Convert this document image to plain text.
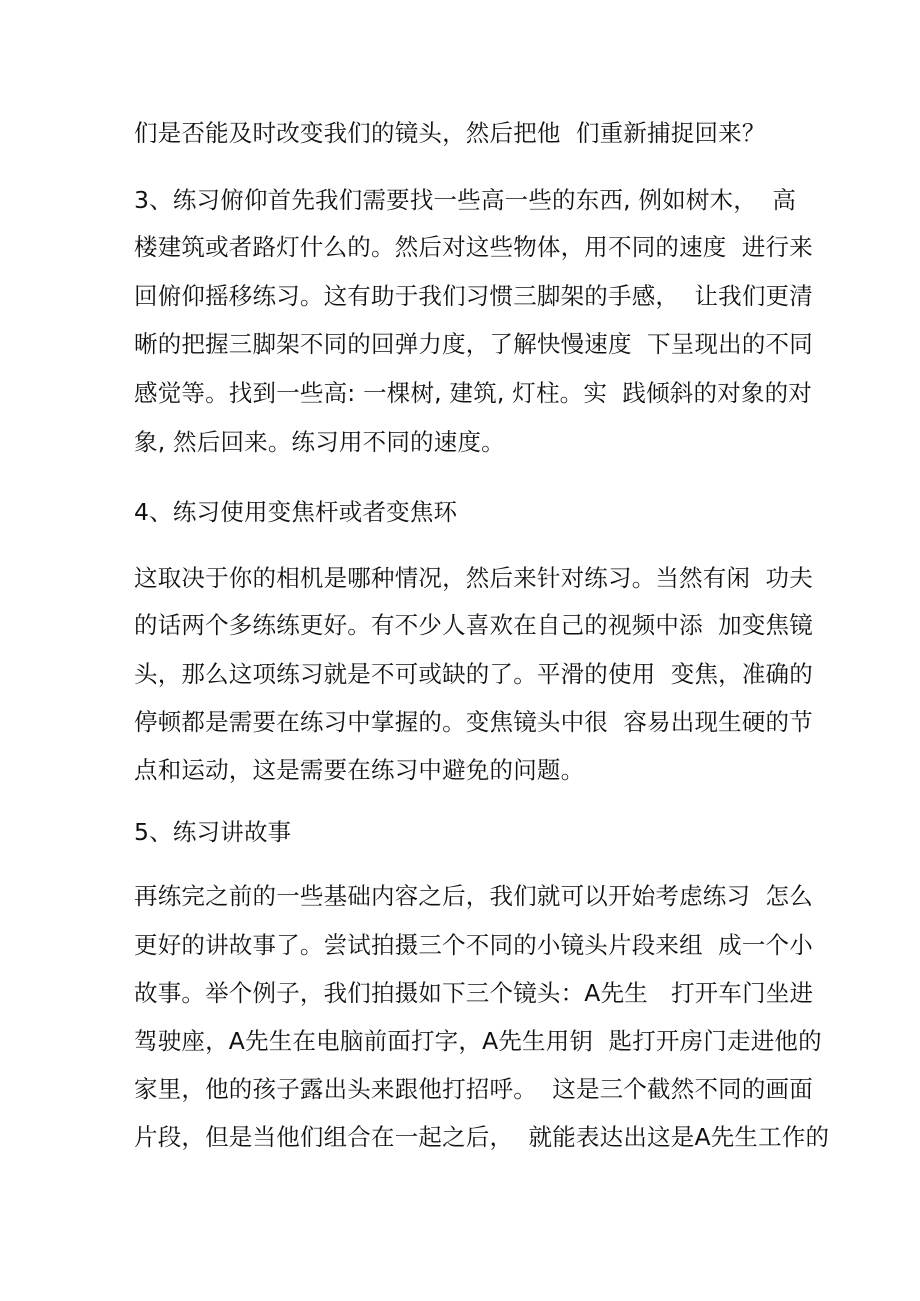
们是否能及时改变我们的镜头，然后把他  们重新捕捉回来？
3、练习俯仰首先我们需要找一些高一些的东西, 例如树木，  高
楼建筑或者路灯什么的。然后对这些物体，用不同的速度  进行来
回俯仰摇移练习。这有助于我们习惯三脚架的手感，  让我们更清
晰的把握三脚架不同的回弹力度，了解快慢速度  下呈现出的不同
感觉等。找到一些高: 一棵树, 建筑, 灯柱。实  践倾斜的对象的对
象, 然后回来。练习用不同的速度。
4、练习使用变焦杆或者变焦环
这取决于你的相机是哪种情况，然后来针对练习。当然有闲  功夫
的话两个多练练更好。有不少人喜欢在自己的视频中添  加变焦镜
头，那么这项练习就是不可或缺的了。平滑的使用  变焦，准确的
停顿都是需要在练习中掌握的。变焦镜头中很  容易出现生硬的节
点和运动，这是需要在练习中避免的问题。
5、练习讲故事
再练完之前的一些基础内容之后，我们就可以开始考虑练习  怎么
更好的讲故事了。尝试拍摄三个不同的小镜头片段来组  成一个小
故事。举个例子，我们拍摄如下三个镜头：A先生   打开车门坐进
驾驶座，A先生在电脑前面打字，A先生用钥  匙打开房门走进他的
家里，他的孩子露出头来跟他打招呼。  这是三个截然不同的画面
片段，但是当他们组合在一起之后，  就能表达出这是A先生工作的
